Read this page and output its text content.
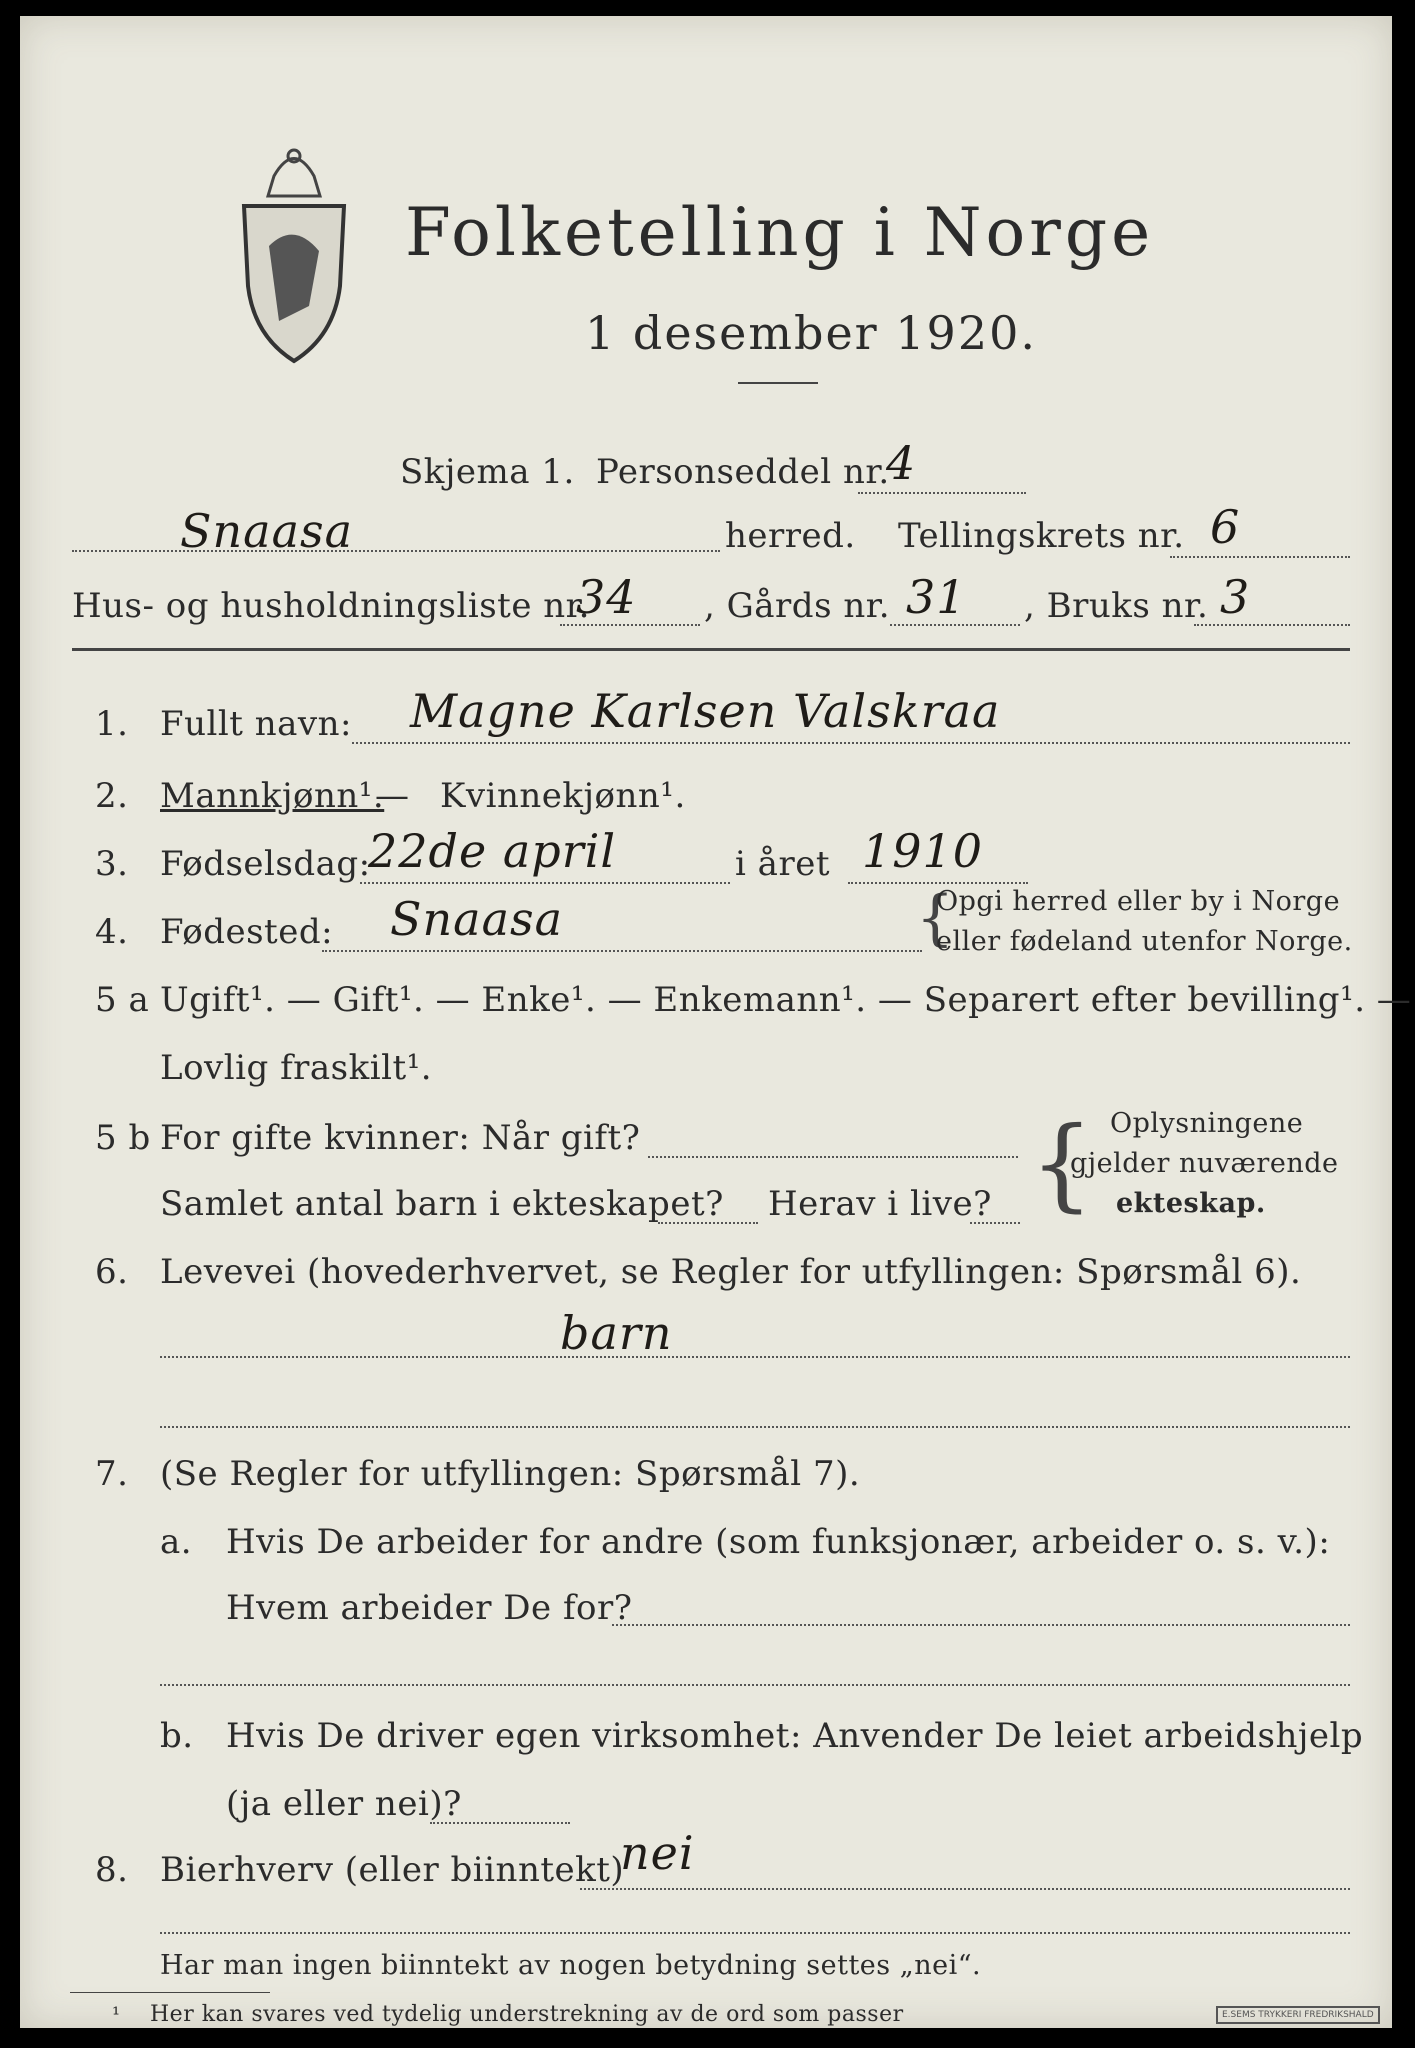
Folketelling i Norge
1 desember 1920.
Skjema 1. Personseddel nr.
4
Snaasa	herred. Tellingskrets nr. 6
Hus- og husholdningsliste nr.
34 , Gårds nr. 31 , Bruks nr. 3
1. Fullt navn: Magne Karlsen Valskraa
2. Mannkjønn¹.
— Kvinnekjønn¹.
3. Fødselsdag:
22de april	i året 1910
4. Fødested: Snaasa	{
Opgi herred eller by i Norge
eller fødeland utenfor Norge.
5 a Ugift¹. — Gift¹. — Enke¹. — Enkemann¹. — Separert efter bevilling¹. —
Lovlig fraskilt¹.
5 b For gifte kvinner: Når gift?
Samlet antal barn i ekteskapet? Herav i live? { Oplysningene
gjelder nuværende
ekteskap.
6. Levevei (hovederhvervet, se Regler for utfyllingen: Spørsmål 6).
barn
7. (Se Regler for utfyllingen: Spørsmål 7).
a. Hvis De arbeider for andre (som funksjonær, arbeider o. s. v.):
Hvem arbeider De for?
b. Hvis De driver egen virksomhet: Anvender De leiet arbeidshjelp
(ja eller nei)?
8. Bierhverv (eller biinntekt)
nei
Har man ingen biinntekt av nogen betydning settes „nei“.
¹ Her kan svares ved tydelig understrekning av de ord som passer	E.SEMS TRYKKERI FREDRIKSHALD
